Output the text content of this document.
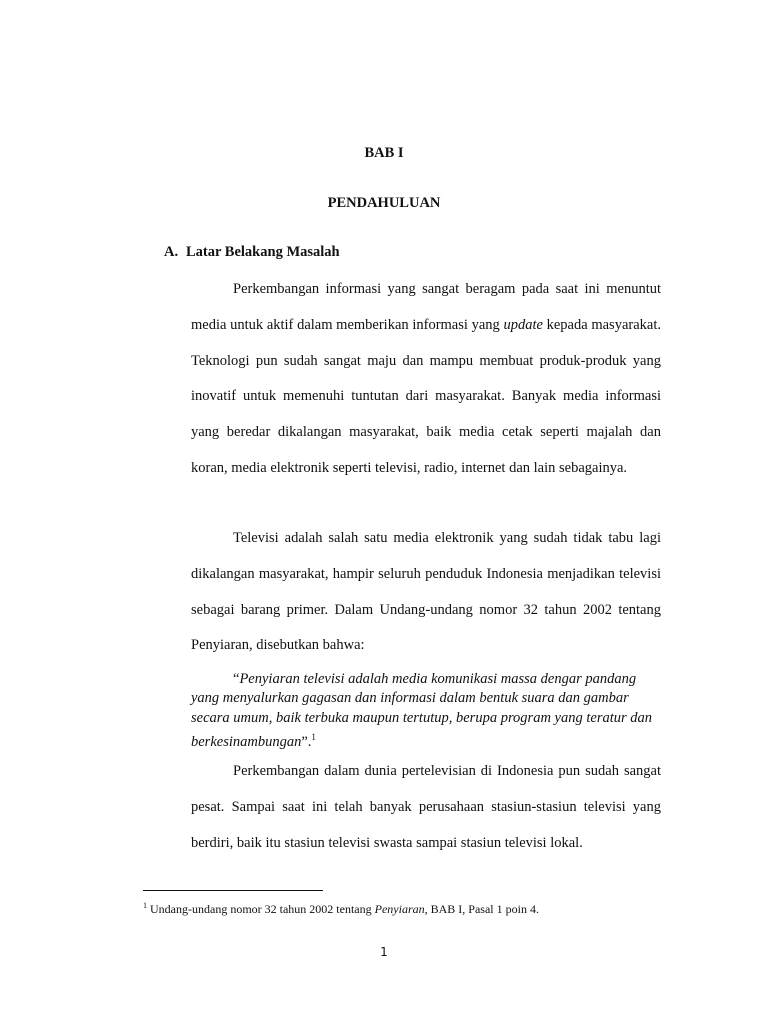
BAB I
PENDAHULUAN
A. Latar Belakang Masalah

Perkembangan informasi yang sangat beragam pada saat ini menuntut media untuk aktif dalam memberikan informasi yang update kepada masyarakat. Teknologi pun sudah sangat maju dan mampu membuat produk-produk yang inovatif untuk memenuhi tuntutan dari masyarakat. Banyak media informasi yang beredar dikalangan masyarakat, baik media cetak seperti majalah dan koran, media elektronik seperti televisi, radio, internet dan lain sebagainya.

Televisi adalah salah satu media elektronik yang sudah tidak tabu lagi dikalangan masyarakat, hampir seluruh penduduk Indonesia menjadikan televisi sebagai barang primer. Dalam Undang-undang nomor 32 tahun 2002 tentang Penyiaran, disebutkan bahwa:

“Penyiaran televisi adalah media komunikasi massa dengar pandang yang menyalurkan gagasan dan informasi dalam bentuk suara dan gambar secara umum, baik terbuka maupun tertutup, berupa program yang teratur dan berkesinambungan”.$^1$

Perkembangan dalam dunia pertelevisian di Indonesia pun sudah sangat pesat. Sampai saat ini telah banyak perusahaan stasiun-stasiun televisi yang berdiri, baik itu stasiun televisi swasta sampai stasiun televisi lokal.

$^1$ Undang-undang nomor 32 tahun 2002 tentang Penyiaran, BAB I, Pasal 1 poin 4.

1
